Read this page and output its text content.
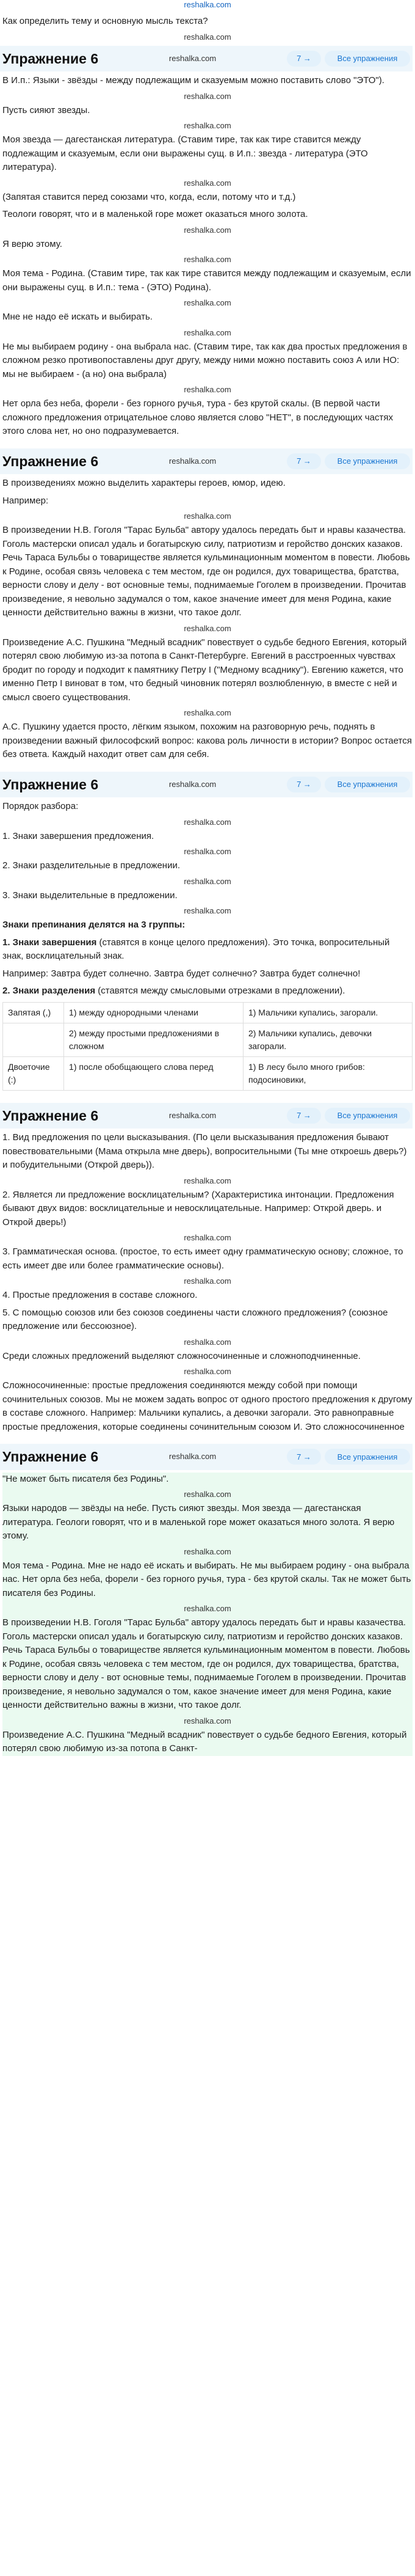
reshalka.com

Как определить тему и основную мысль текста?

reshalka.com
Упражнение 6	reshalka.com	7 →	Все упражнения

В И.п.: Языки - звёзды - между подлежащим и сказуемым можно поставить слово "ЭТО").

reshalka.com

Пусть сияют звезды.

reshalka.com

Моя звезда — дагестанская литература. (Ставим тире, так как тире ставится между подлежащим и сказуемым, если они выражены сущ. в И.п.: звезда - литература (ЭТО литература).

reshalka.com

(Запятая ставится перед союзами что, когда, если, потому что и т.д.)

Теологи говорят, что и в маленькой горе может оказаться много золота.

reshalka.com

Я верю этому.

reshalka.com

Моя тема - Родина. (Ставим тире, так как тире ставится между подлежащим и сказуемым, если они выражены сущ. в И.п.: тема - (ЭТО) Родина).

reshalka.com

Мне не надо её искать и выбирать.

reshalka.com

Не мы выбираем родину - она выбрала нас. (Ставим тире, так как два простых предложения в сложном резко противопоставлены друг другу, между ними можно поставить союз А или НО: мы не выбираем - (а но) она выбрала)

reshalka.com

Нет орла без неба, форели - без горного ручья, тура - без крутой скалы. (В первой части сложного предложения отрицательное слово является слово "НЕТ", в последующих частях этого слова нет, но оно подразумевается.

Упражнение 6	reshalka.com	7 →	Все упражнения

В произведениях можно выделить характеры героев, юмор, идею.

Например:

reshalka.com

В произведении Н.В. Гоголя "Тарас Бульба" автору удалось передать быт и нравы казачества. Гоголь мастерски описал удаль и богатырскую силу, патриотизм и геройство донских казаков. Речь Тараса Бульбы о товариществе является кульминационным моментом в повести. Любовь к Родине, особая связь человека с тем местом, где он родился, дух товарищества, братства, верности слову и делу - вот основные темы, поднимаемые Гоголем в произведении. Прочитав произведение, я невольно задумался о том, какое значение имеет для меня Родина, какие ценности действительно важны в жизни, что такое долг.

reshalka.com

Произведение А.С. Пушкина "Медный всадник" повествует о судьбе бедного Евгения, который потерял свою любимую из-за потопа в Санкт-Петербурге. Евгений в расстроенных чувствах бродит по городу и подходит к памятнику Петру I ("Медному всаднику"). Евгению кажется, что именно Петр I виноват в том, что бедный чиновник потерял возлюбленную, в вместе с ней и смысл своего существования.

reshalka.com

А.С. Пушкину удается просто, лёгким языком, похожим на разговорную речь, поднять в произведении важный философский вопрос: какова роль личности в истории? Вопрос остается без ответа. Каждый находит ответ сам для себя.

Упражнение 6	reshalka.com	7 →	Все упражнения

Порядок разбора:

reshalka.com

1. Знаки завершения предложения.

reshalka.com

2. Знаки разделительные в предложении.

reshalka.com

3. Знаки выделительные в предложении.

reshalka.com

Знаки препинания делятся на 3 группы:

1. Знаки завершения (ставятся в конце целого предложения). Это точка, вопросительный знак, восклицательный знак.

Например: Завтра будет солнечно. Завтра будет солнечно? Завтра будет солнечно!

2. Знаки разделения (ставятся между смысловыми отрезками в предложении).

Запятая (,)	1) между однородными членами	1) Мальчики купались, загорали.
	2) между простыми предложениями в сложном	2) Мальчики купались, девочки загорали.
Двоеточие (:)	1) после обобщающего слова перед	1) В лесу было много грибов: подосиновики,
Упражнение 6	reshalka.com	7 →	Все упражнения

1. Вид предложения по цели высказывания. (По цели высказывания предложения бывают повествовательными (Мама открыла мне дверь), вопросительными (Ты мне откроешь дверь?) и побудительными (Открой дверь)).

reshalka.com

2. Является ли предложение восклицательным? (Характеристика интонации. Предложения бывают двух видов: восклицательные и невосклицательные. Например: Открой дверь. и Открой дверь!)

reshalka.com

3. Грамматическая основа. (простое, то есть имеет одну грамматическую основу; сложное, то есть имеет две или более грамматические основы).

reshalka.com

4. Простые предложения в составе сложного.

5. С помощью союзов или без союзов соединены части сложного предложения? (союзное предложение или бессоюзное).

reshalka.com

Среди сложных предложений выделяют сложносочиненные и сложноподчиненные.

reshalka.com

Сложносочиненные: простые предложения соединяются между собой при помощи сочинительных союзов. Мы не можем задать вопрос от одного простого предложения к другому в составе сложного. Например: Мальчики купались, а девочки загорали. Это равноправные простые предложения, которые соединены сочинительным союзом И. Это сложносочиненное

Упражнение 6	reshalka.com	7 →	Все упражнения

"Не может быть писателя без Родины".

reshalka.com

Языки народов — звёзды на небе. Пусть сияют звезды. Моя звезда — дагестанская литература. Геологи говорят, что и в маленькой горе может оказаться много золота. Я верю этому.

reshalka.com

Моя тема - Родина. Мне не надо её искать и выбирать. Не мы выбираем родину - она выбрала нас. Нет орла без неба, форели - без горного ручья, тура - без крутой скалы. Так не может быть писателя без Родины.

reshalka.com

В произведении Н.В. Гоголя "Тарас Бульба" автору удалось передать быт и нравы казачества. Гоголь мастерски описал удаль и богатырскую силу, патриотизм и геройство донских казаков. Речь Тараса Бульбы о товариществе является кульминационным моментом в повести. Любовь к Родине, особая связь человека с тем местом, где он родился, дух товарищества, братства, верности слову и делу - вот основные темы, поднимаемые Гоголем в произведении. Прочитав произведение, я невольно задумался о том, какое значение имеет для меня Родина, какие ценности действительно важны в жизни, что такое долг.

reshalka.com

Произведение А.С. Пушкина "Медный всадник" повествует о судьбе бедного Евгения, который потерял свою любимую из-за потопа в Санкт-
